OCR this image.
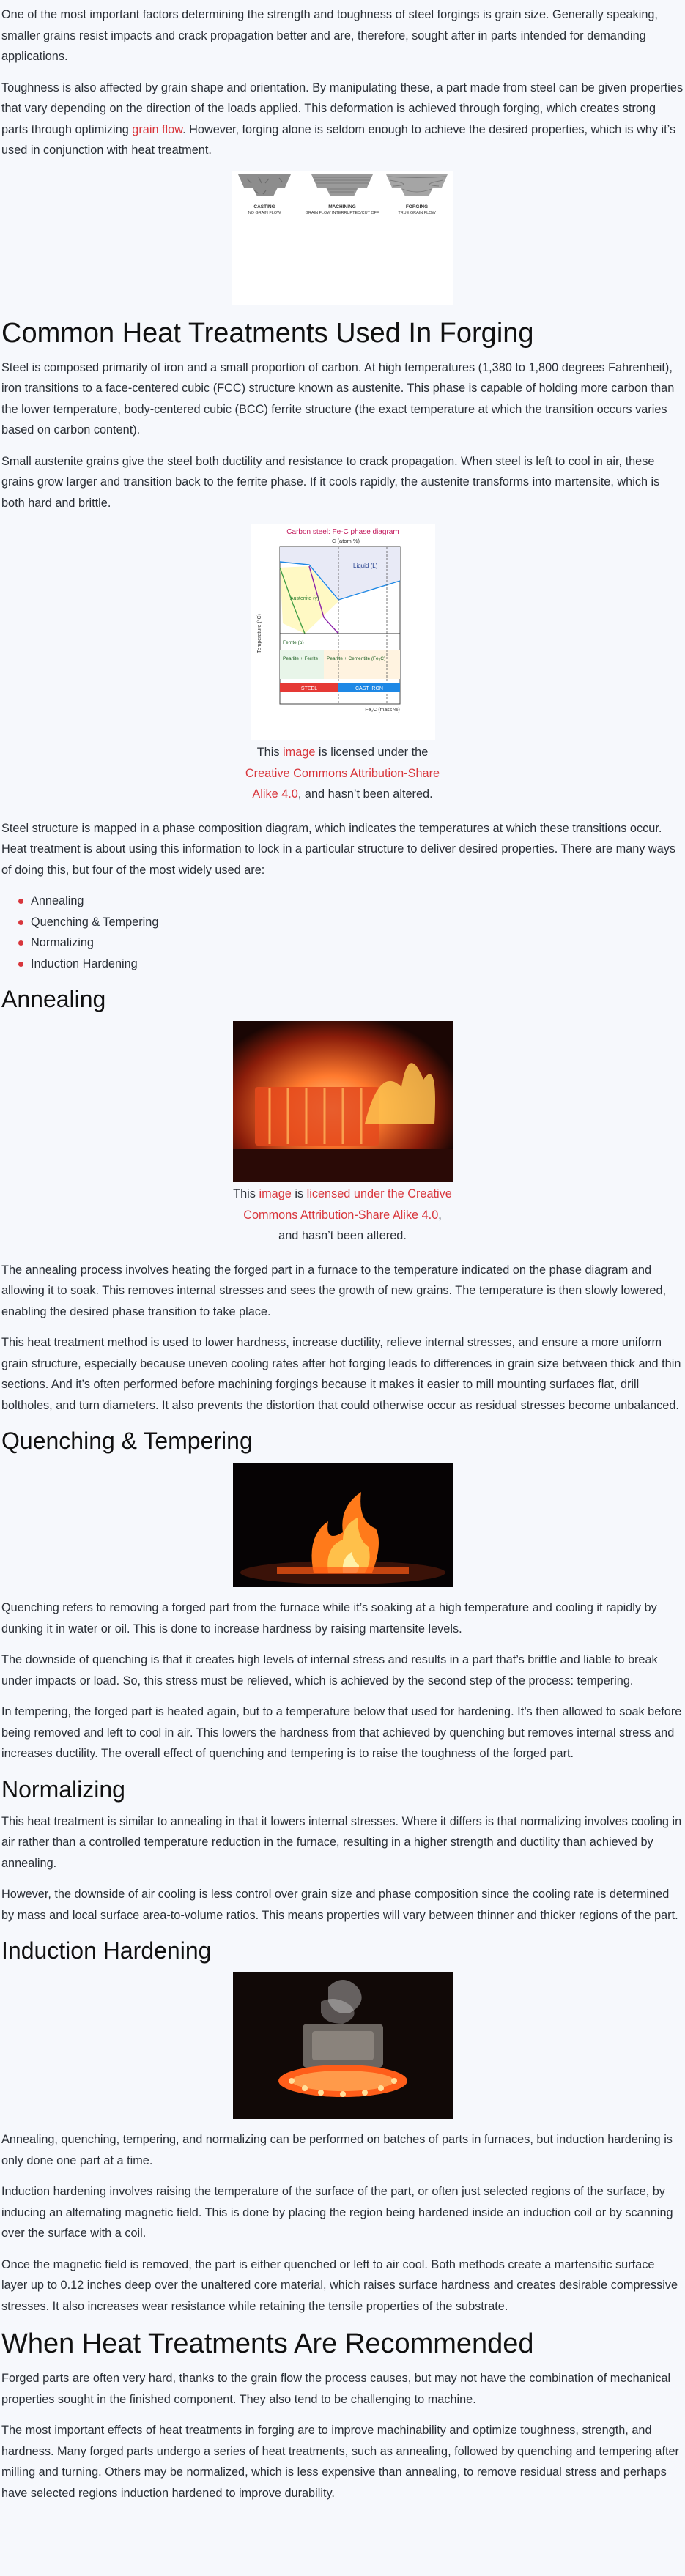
One of the most important factors determining the strength and toughness of steel forgings is grain size. Generally speaking, smaller grains resist impacts and crack propagation better and are, therefore, sought after in parts intended for demanding applications.

Toughness is also affected by grain shape and orientation. By manipulating these, a part made from steel can be given properties that vary depending on the direction of the loads applied. This deformation is achieved through forging, which creates strong parts through optimizing grain flow. However, forging alone is seldom enough to achieve the desired properties, which is why it’s used in conjunction with heat treatment.

CASTING
NO GRAIN FLOW
MACHINING
GRAIN FLOW INTERRUPTED/CUT OFF
FORGING
TRUE GRAIN FLOW
Common Heat Treatments Used In Forging

Steel is composed primarily of iron and a small proportion of carbon. At high temperatures (1,380 to 1,800 degrees Fahrenheit), iron transitions to a face-centered cubic (FCC) structure known as austenite. This phase is capable of holding more carbon than the lower temperature, body-centered cubic (BCC) ferrite structure (the exact temperature at which the transition occurs varies based on carbon content).

Small austenite grains give the steel both ductility and resistance to crack propagation. When steel is left to cool in air, these grains grow larger and transition back to the ferrite phase. If it cools rapidly, the austenite transforms into martensite, which is both hard and brittle.

Carbon steel: Fe-C phase diagram
C (atom %)
Temperature (°C)
Liquid (L)
Austenite (γ)
Ferrite (α)
Pearlite + Ferrite Pearlite + Cementite (Fe₃C)
STEEL	CAST IRON
Fe₃C (mass %)
This image is licensed under the Creative Commons Attribution-Share Alike 4.0, and hasn’t been altered.

Steel structure is mapped in a phase composition diagram, which indicates the temperatures at which these transitions occur. Heat treatment is about using this information to lock in a particular structure to deliver desired properties. There are many ways of doing this, but four of the most widely used are:

Annealing
Quenching & Tempering
Normalizing
Induction Hardening
Annealing
This image is licensed under the Creative Commons Attribution-Share Alike 4.0, and hasn’t been altered.

The annealing process involves heating the forged part in a furnace to the temperature indicated on the phase diagram and allowing it to soak. This removes internal stresses and sees the growth of new grains. The temperature is then slowly lowered, enabling the desired phase transition to take place.

This heat treatment method is used to lower hardness, increase ductility, relieve internal stresses, and ensure a more uniform grain structure, especially because uneven cooling rates after hot forging leads to differences in grain size between thick and thin sections. And it’s often performed before machining forgings because it makes it easier to mill mounting surfaces flat, drill boltholes, and turn diameters. It also prevents the distortion that could otherwise occur as residual stresses become unbalanced.

Quenching & Tempering

Quenching refers to removing a forged part from the furnace while it’s soaking at a high temperature and cooling it rapidly by dunking it in water or oil. This is done to increase hardness by raising martensite levels.

The downside of quenching is that it creates high levels of internal stress and results in a part that’s brittle and liable to break under impacts or load. So, this stress must be relieved, which is achieved by the second step of the process: tempering.

In tempering, the forged part is heated again, but to a temperature below that used for hardening. It’s then allowed to soak before being removed and left to cool in air. This lowers the hardness from that achieved by quenching but removes internal stress and increases ductility. The overall effect of quenching and tempering is to raise the toughness of the forged part.

Normalizing

This heat treatment is similar to annealing in that it lowers internal stresses. Where it differs is that normalizing involves cooling in air rather than a controlled temperature reduction in the furnace, resulting in a higher strength and ductility than achieved by annealing.

However, the downside of air cooling is less control over grain size and phase composition since the cooling rate is determined by mass and local surface area-to-volume ratios. This means properties will vary between thinner and thicker regions of the part.

Induction Hardening

Annealing, quenching, tempering, and normalizing can be performed on batches of parts in furnaces, but induction hardening is only done one part at a time.

Induction hardening involves raising the temperature of the surface of the part, or often just selected regions of the surface, by inducing an alternating magnetic field. This is done by placing the region being hardened inside an induction coil or by scanning over the surface with a coil.

Once the magnetic field is removed, the part is either quenched or left to air cool. Both methods create a martensitic surface layer up to 0.12 inches deep over the unaltered core material, which raises surface hardness and creates desirable compressive stresses. It also increases wear resistance while retaining the tensile properties of the substrate.

When Heat Treatments Are Recommended

Forged parts are often very hard, thanks to the grain flow the process causes, but may not have the combination of mechanical properties sought in the finished component. They also tend to be challenging to machine.

The most important effects of heat treatments in forging are to improve machinability and optimize toughness, strength, and hardness. Many forged parts undergo a series of heat treatments, such as annealing, followed by quenching and tempering after milling and turning. Others may be normalized, which is less expensive than annealing, to remove residual stress and perhaps have selected regions induction hardened to improve durability.
